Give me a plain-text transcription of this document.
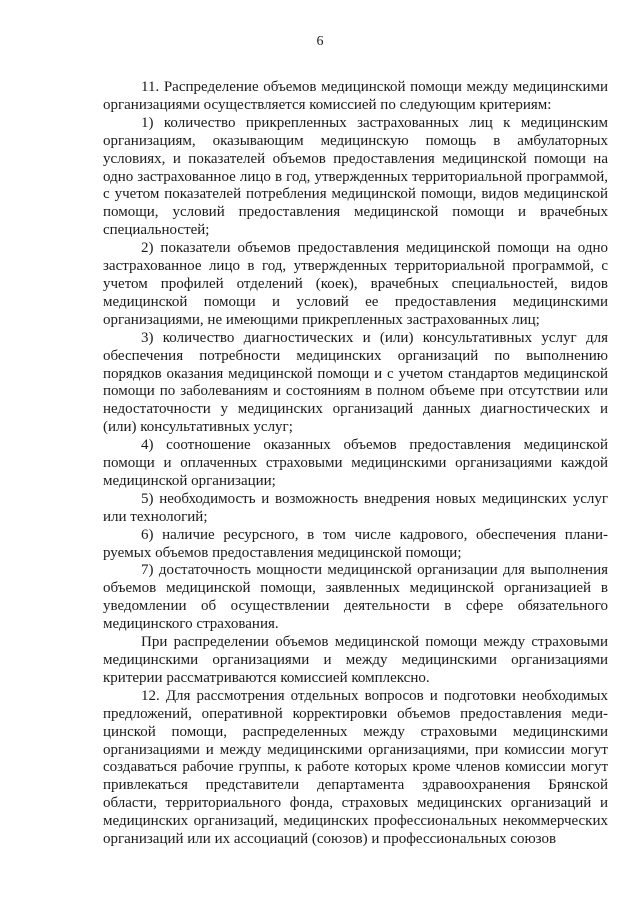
6

11. Распределение объемов медицинской помощи между медицинскими организациями осуществляется комиссией по следующим критериям:

1) количество прикрепленных застрахованных лиц к медицинским организациям, оказывающим медицинскую помощь в амбулаторных условиях, и показателей объемов предоставления медицинской помощи на одно застрахованное лицо в год, утвержденных территориальной программой, с учетом показателей потребления медицинской помощи, видов медицинской помощи, условий предоставления медицинской помощи и врачебных специальностей;

2) показатели объемов предоставления медицинской помощи на одно застрахованное лицо в год, утвержденных территориальной программой, с учетом профилей отделений (коек), врачебных специальностей, видов медицинской помощи и условий ее предоставления медицинскими организациями, не имеющими прикрепленных застрахованных лиц;

3) количество диагностических и (или) консультативных услуг для обеспечения потребности медицинских организаций по выполнению порядков оказания медицинской помощи и с учетом стандартов медицинской помощи по заболеваниям и состояниям в полном объеме при отсутствии или недостаточности у медицинских организаций данных диагностических и (или) консультативных услуг;

4) соотношение оказанных объемов предоставления медицинской помощи и оплаченных страховыми медицинскими организациями каждой медицинской организации;

5) необходимость и возможность внедрения новых медицинских услуг или технологий;

6) наличие ресурсного, в том числе кадрового, обеспечения планируемых объемов предоставления медицинской помощи;

7) достаточность мощности медицинской организации для выполнения объемов медицинской помощи, заявленных медицинской организацией в уведомлении об осуществлении деятельности в сфере обязательного медицинского страхования.

При распределении объемов медицинской помощи между страховыми медицинскими организациями и между медицинскими организациями критерии рассматриваются комиссией комплексно.

12. Для рассмотрения отдельных вопросов и подготовки необходимых предложений, оперативной корректировки объемов предоставления медицинской помощи, распределенных между страховыми медицинскими организациями и между медицинскими организациями, при комиссии могут создаваться рабочие группы, к работе которых кроме членов комиссии могут привлекаться представители департамента здравоохранения Брянской области, территориального фонда, страховых медицинских организаций и медицинских организаций, медицинских профессиональных некоммерческих организаций или их ассоциаций (союзов) и профессиональных союзов
